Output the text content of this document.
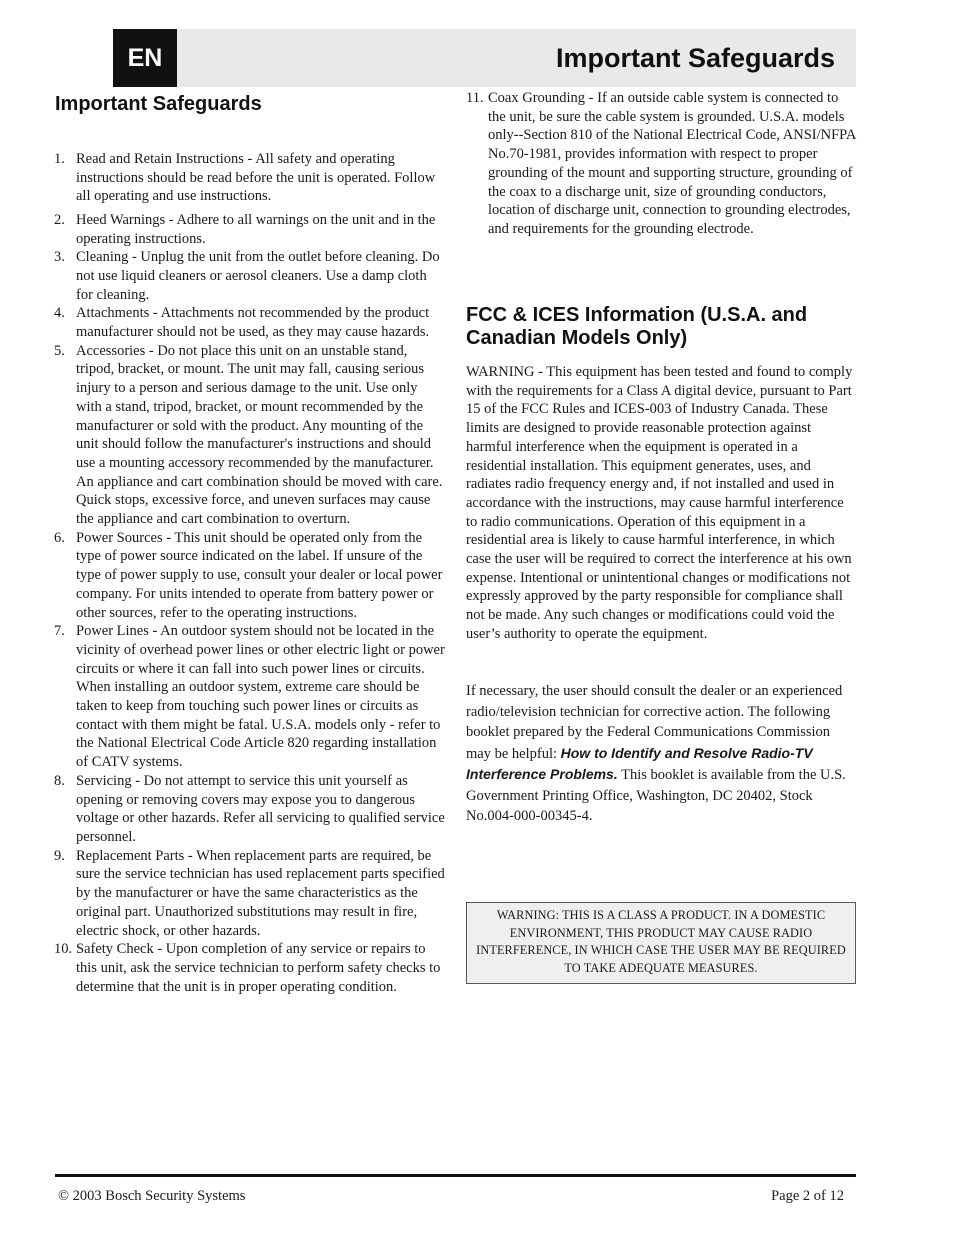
EN	Important Safeguards
Important Safeguards
1. Read and Retain Instructions - All safety and operating instructions should be read before the unit is operated. Follow all operating and use instructions.
2. Heed Warnings - Adhere to all warnings on the unit and in the operating instructions.
3. Cleaning - Unplug the unit from the outlet before cleaning. Do not use liquid cleaners or aerosol cleaners. Use a damp cloth for cleaning.
4. Attachments - Attachments not recommended by the product manufacturer should not be used, as they may cause hazards.
5. Accessories - Do not place this unit on an unstable stand, tripod, bracket, or mount. The unit may fall, causing serious injury to a person and serious damage to the unit. Use only with a stand, tripod, bracket, or mount recommended by the manufacturer or sold with the product. Any mounting of the unit should follow the manufacturer's instructions and should use a mounting accessory recommended by the manufacturer.
An appliance and cart combination should be moved with care. Quick stops, excessive force, and uneven surfaces may cause the appliance and cart combination to overturn.
6. Power Sources - This unit should be operated only from the type of power source indicated on the label. If unsure of the type of power supply to use, consult your dealer or local power company. For units intended to operate from battery power or other sources, refer to the operating instructions.
7. Power Lines - An outdoor system should not be located in the vicinity of overhead power lines or other electric light or power circuits or where it can fall into such power lines or circuits. When installing an outdoor system, extreme care should be taken to keep from touching such power lines or circuits as contact with them might be fatal. U.S.A. models only - refer to the National Electrical Code Article 820 regarding installation of CATV systems.
8. Servicing - Do not attempt to service this unit yourself as opening or removing covers may expose you to dangerous voltage or other hazards. Refer all servicing to qualified service personnel.
9. Replacement Parts - When replacement parts are required, be sure the service technician has used replacement parts specified by the manufacturer or have the same characteristics as the original part. Unauthorized substitutions may result in fire, electric shock, or other hazards.
10. Safety Check - Upon completion of any service or repairs to this unit, ask the service technician to perform safety checks to determine that the unit is in proper operating condition.
11. Coax Grounding - If an outside cable system is connected to the unit, be sure the cable system is grounded. U.S.A. models only--Section 810 of the National Electrical Code, ANSI/NFPA No.70-1981, provides information with respect to proper grounding of the mount and supporting structure, grounding of the coax to a discharge unit, size of grounding conductors, location of discharge unit, connection to grounding electrodes, and requirements for the grounding electrode.
FCC & ICES Information (U.S.A. and Canadian Models Only)

WARNING - This equipment has been tested and found to comply with the requirements for a Class A digital device, pursuant to Part 15 of the FCC Rules and ICES-003 of Industry Canada. These limits are designed to provide reasonable protection against harmful interference when the equipment is operated in a residential installation. This equipment generates, uses, and radiates radio frequency energy and, if not installed and used in accordance with the instructions, may cause harmful interference to radio communications. Operation of this equipment in a residential area is likely to cause harmful interference, in which case the user will be required to correct the interference at his own expense. Intentional or unintentional changes or modifications not expressly approved by the party responsible for compliance shall not be made. Any such changes or modifications could void the user’s authority to operate the equipment.

If necessary, the user should consult the dealer or an experienced radio/television technician for corrective action. The following booklet prepared by the Federal Communications Commission may be helpful: How to Identify and Resolve Radio-TV Interference Problems. This booklet is available from the U.S. Government Printing Office, Washington, DC 20402, Stock No.004-000-00345-4.

WARNING: THIS IS A CLASS A PRODUCT. IN A DOMESTIC ENVIRONMENT, THIS PRODUCT MAY CAUSE RADIO INTERFERENCE, IN WHICH CASE THE USER MAY BE REQUIRED TO TAKE ADEQUATE MEASURES.
© 2003 Bosch Security Systems	Page 2 of 12
